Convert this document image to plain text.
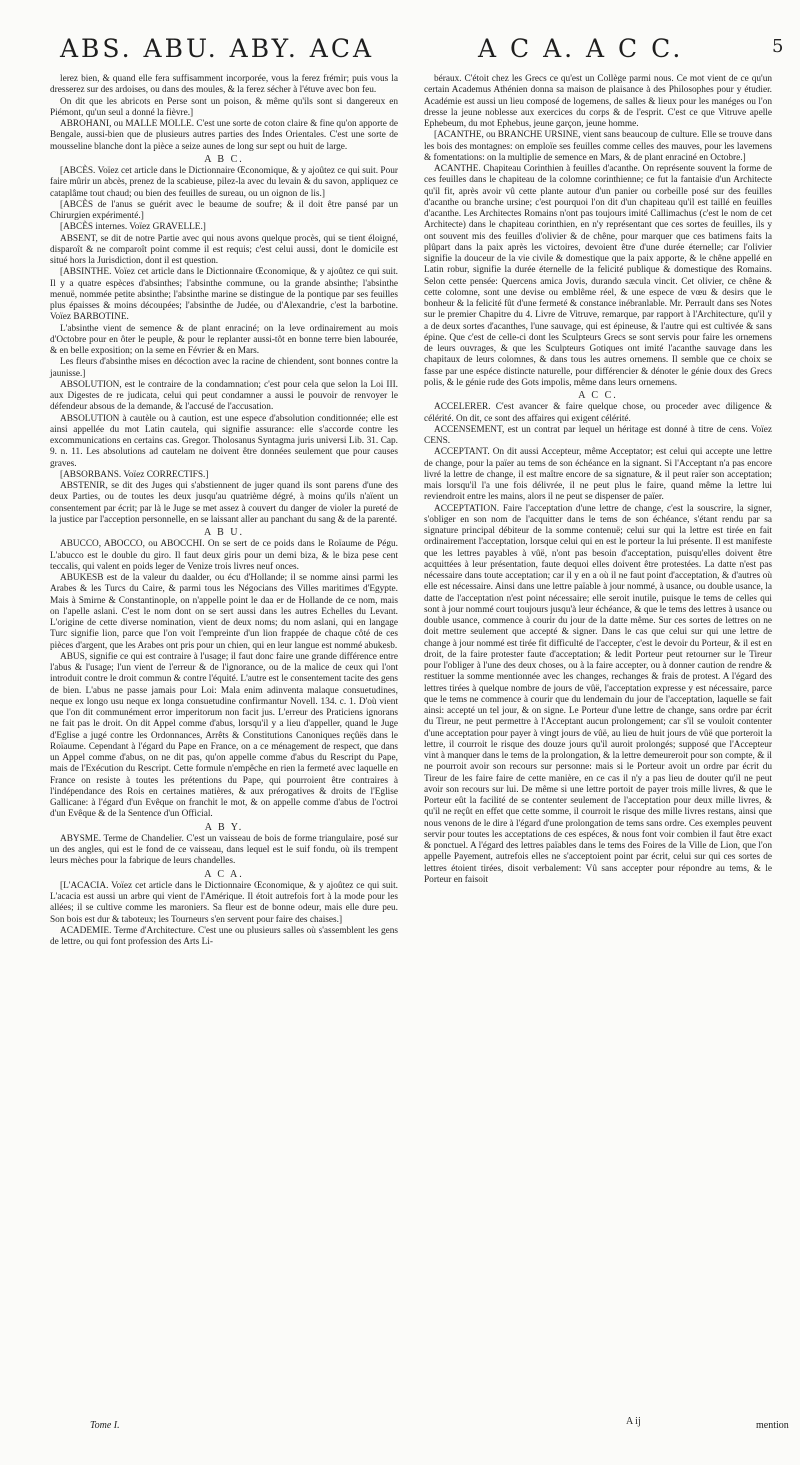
ABS. ABU. ABY. ACA	A C A. A C C.	5

lerez bien, & quand elle fera suffisamment incorporée, vous la ferez frémir; puis vous la dresserez sur des ardoises, ou dans des moules, & la ferez sécher à l'étuve avec bon feu.

On dit que les abricots en Perse sont un poison, & même qu'ils sont si dangereux en Piémont, qu'un seul a donné la fièvre.]

ABROHANI, ou MALLE MOLLE. C'est une sorte de coton claire & fine qu'on apporte de Bengale, aussi-bien que de plusieurs autres parties des Indes Orientales. C'est une sorte de mousseline blanche dont la pièce a seize aunes de long sur sept ou huit de large.

A B C.

[ABCÈS. Voïez cet article dans le Dictionnaire Œconomique, & y ajoûtez ce qui suit. Pour faire mûrir un abcès, prenez de la scabieuse, pilez-la avec du levain & du savon, appliquez ce cataplâme tout chaud; ou bien des feuilles de sureau, ou un oignon de lis.]

[ABCÈS de l'anus se guérit avec le beaume de soufre; & il doit être pansé par un Chirurgien expérimenté.]

[ABCÈS internes. Voïez GRAVELLE.]

ABSENT, se dit de notre Partie avec qui nous avons quelque procès, qui se tient éloigné, disparoît & ne comparoît point comme il est requis; c'est celui aussi, dont le domicile est situé hors la Jurisdiction, dont il est question.

[ABSINTHE. Voïez cet article dans le Dictionnaire Œconomique, & y ajoûtez ce qui suit. Il y a quatre espèces d'absinthes; l'absinthe commune, ou la grande absinthe; l'absinthe menuë, nommée petite absinthe; l'absinthe marine se distingue de la pontique par ses feuilles plus épaisses & moins découpées; l'absinthe de Judée, ou d'Alexandrie, c'est la barbotine. Voïez BARBOTINE.

L'absinthe vient de semence & de plant enraciné; on la leve ordinairement au mois d'Octobre pour en ôter le peuple, & pour le replanter aussi-tôt en bonne terre bien labourée, & en belle exposition; on la seme en Février & en Mars.

Les fleurs d'absinthe mises en décoction avec la racine de chiendent, sont bonnes contre la jaunisse.]

ABSOLUTION, est le contraire de la condamnation; c'est pour cela que selon la Loi III. aux Digestes de re judicata, celui qui peut condamner a aussi le pouvoir de renvoyer le défendeur absous de la demande, & l'accusé de l'accusation.

ABSOLUTION à cautèle ou à caution, est une espece d'absolution conditionnée; elle est ainsi appellée du mot Latin cautela, qui signifie assurance: elle s'accorde contre les excommunications en certains cas. Gregor. Tholosanus Syntagma juris universi Lib. 31. Cap. 9. n. 11. Les absolutions ad cautelam ne doivent être données seulement que pour causes graves.

[ABSORBANS. Voïez CORRECTIFS.]

ABSTENIR, se dit des Juges qui s'abstiennent de juger quand ils sont parens d'une des deux Parties, ou de toutes les deux jusqu'au quatrième dégré, à moins qu'ils n'aïent un consentement par écrit; par là le Juge se met assez à couvert du danger de violer la pureté de la justice par l'acception personnelle, en se laissant aller au panchant du sang & de la parenté.

A B U.

ABUCCO, ABOCCO, ou ABOCCHI. On se sert de ce poids dans le Roïaume de Pégu. L'abucco est le double du giro. Il faut deux giris pour un demi biza, & le biza pese cent teccalis, qui valent en poids leger de Venize trois livres neuf onces.

ABUKESB est de la valeur du daalder, ou écu d'Hollande; il se nomme ainsi parmi les Arabes & les Turcs du Caire, & parmi tous les Négocians des Villes maritimes d'Egypte. Mais à Smirne & Constantinople, on n'appelle point le daa er de Hollande de ce nom, mais on l'apelle aslani. C'est le nom dont on se sert aussi dans les autres Echelles du Levant. L'origine de cette diverse nomination, vient de deux noms; du nom aslani, qui en langage Turc signifie lion, parce que l'on voit l'empreinte d'un lion frappée de chaque côté de ces pièces d'argent, que les Arabes ont pris pour un chien, qui en leur langue est nommé abukesb.

ABUS, signifie ce qui est contraire à l'usage; il faut donc faire une grande différence entre l'abus & l'usage; l'un vient de l'erreur & de l'ignorance, ou de la malice de ceux qui l'ont introduit contre le droit commun & contre l'équité. L'autre est le consentement tacite des gens de bien. L'abus ne passe jamais pour Loi: Mala enim adinventa malaque consuetudines, neque ex longo usu neque ex longa consuetudine confirmantur Novell. 134. c. 1. D'où vient que l'on dit communément error imperitorum non facit jus. L'erreur des Praticiens ignorans ne fait pas le droit. On dit Appel comme d'abus, lorsqu'il y a lieu d'appeller, quand le Juge d'Eglise a jugé contre les Ordonnances, Arrêts & Constitutions Canoniques reçûës dans le Roïaume. Cependant à l'égard du Pape en France, on a ce ménagement de respect, que dans un Appel comme d'abus, on ne dit pas, qu'on appelle comme d'abus du Rescript du Pape, mais de l'Exécution du Rescript. Cette formule n'empêche en rien la fermeté avec laquelle en France on resiste à toutes les prétentions du Pape, qui pourroient être contraires à l'indépendance des Rois en certaines matières, & aux prérogatives & droits de l'Eglise Gallicane: à l'égard d'un Evêque on franchit le mot, & on appelle comme d'abus de l'octroi d'un Evêque & de la Sentence d'un Official.

A B Y.

ABYSME. Terme de Chandelier. C'est un vaisseau de bois de forme triangulaire, posé sur un des angles, qui est le fond de ce vaisseau, dans lequel est le suif fondu, où ils trempent leurs mèches pour la fabrique de leurs chandelles.

A C A.

[L'ACACIA. Voïez cet article dans le Dictionnaire Œconomique, & y ajoûtez ce qui suit. L'acacia est aussi un arbre qui vient de l'Amérique. Il étoit autrefois fort à la mode pour les allées; il se cultive comme les maroniers. Sa fleur est de bonne odeur, mais elle dure peu. Son bois est dur & taboteux; les Tourneurs s'en servent pour faire des chaises.]

ACADEMIE. Terme d'Architecture. C'est une ou plusieurs salles où s'assemblent les gens de lettre, ou qui font profession des Arts Li-

béraux. C'étoit chez les Grecs ce qu'est un Collège parmi nous. Ce mot vient de ce qu'un certain Academus Athénien donna sa maison de plaisance à des Philosophes pour y étudier. Académie est aussi un lieu composé de logemens, de salles & lieux pour les manéges ou l'on dresse la jeune noblesse aux exercices du corps & de l'esprit. C'est ce que Vitruve apelle Ephebeum, du mot Ephebus, jeune garçon, jeune homme.

[ACANTHE, ou BRANCHE URSINE, vient sans beaucoup de culture. Elle se trouve dans les bois des montagnes: on emploïe ses feuilles comme celles des mauves, pour les lavemens & fomentations: on la multiplie de semence en Mars, & de plant enraciné en Octobre.]

ACANTHE. Chapiteau Corinthien à feuilles d'acanthe. On représente souvent la forme de ces feuilles dans le chapiteau de la colomne corinthienne; ce fut la fantaisie d'un Architecte qu'il fit, après avoir vû cette plante autour d'un panier ou corbeille posé sur des feuilles d'acanthe ou branche ursine; c'est pourquoi l'on dit d'un chapiteau qu'il est taillé en feuilles d'acanthe. Les Architectes Romains n'ont pas toujours imité Callimachus (c'est le nom de cet Architecte) dans le chapiteau corinthien, en n'y représentant que ces sortes de feuilles, ils y ont souvent mis des feuilles d'olivier & de chêne, pour marquer que ces batimens faits la plûpart dans la paix après les victoires, devoient être d'une durée éternelle; car l'olivier signifie la douceur de la vie civile & domestique que la paix apporte, & le chêne appellé en Latin robur, signifie la durée éternelle de la felicité publique & domestique des Romains. Selon cette pensée: Quercens amica Jovis, durando sæcula vincit. Cet olivier, ce chêne & cette colomne, sont une devise ou emblême réel, & une espece de vœu & desirs que le bonheur & la felicité fût d'une fermeté & constance inébranlable. Mr. Perrault dans ses Notes sur le premier Chapitre du 4. Livre de Vitruve, remarque, par rapport à l'Architecture, qu'il y a de deux sortes d'acanthes, l'une sauvage, qui est épineuse, & l'autre qui est cultivée & sans épine. Que c'est de celle-ci dont les Sculpteurs Grecs se sont servis pour faire les ornemens de leurs ouvrages, & que les Sculpteurs Gotiques ont imité l'acanthe sauvage dans les chapitaux de leurs colomnes, & dans tous les autres ornemens. Il semble que ce choix se fasse par une espéce distincte naturelle, pour différencier & dénoter le génie doux des Grecs polis, & le génie rude des Gots impolis, même dans leurs ornemens.

A C C.

ACCELERER. C'est avancer & faire quelque chose, ou proceder avec diligence & célérité. On dit, ce sont des affaires qui exigent célérité.

ACCENSEMENT, est un contrat par lequel un héritage est donné à titre de cens. Voïez CENS.

ACCEPTANT. On dit aussi Accepteur, même Acceptator; est celui qui accepte une lettre de change, pour la païer au tems de son échéance en la signant. Si l'Acceptant n'a pas encore livré la lettre de change, il est maître encore de sa signature, & il peut raïer son acceptation; mais lorsqu'il l'a une fois délivrée, il ne peut plus le faire, quand même la lettre lui reviendroit entre les mains, alors il ne peut se dispenser de païer.

ACCEPTATION. Faire l'acceptation d'une lettre de change, c'est la souscrire, la signer, s'obliger en son nom de l'acquitter dans le tems de son échéance, s'étant rendu par sa signature principal débiteur de la somme contenuë; celui sur qui la lettre est tirée en fait ordinairement l'acceptation, lorsque celui qui en est le porteur la lui présente. Il est manifeste que les lettres payables à vûë, n'ont pas besoin d'acceptation, puisqu'elles doivent être acquittées à leur présentation, faute dequoi elles doivent être protestées. La datte n'est pas nécessaire dans toute acceptation; car il y en a où il ne faut point d'acceptation, & d'autres où elle est nécessaire. Ainsi dans une lettre païable à jour nommé, à usance, ou double usance, la datte de l'acceptation n'est point nécessaire; elle seroit inutile, puisque le tems de celles qui sont à jour nommé court toujours jusqu'à leur échéance, & que le tems des lettres à usance ou double usance, commence à courir du jour de la datte même. Sur ces sortes de lettres on ne doit mettre seulement que accepté & signer. Dans le cas que celui sur qui une lettre de change à jour nommé est tirée fit difficulté de l'accepter, c'est le devoir du Porteur, & il est en droit, de la faire protester faute d'acceptation; & ledit Porteur peut retourner sur le Tireur pour l'obliger à l'une des deux choses, ou à la faire accepter, ou à donner caution de rendre & restituer la somme mentionnée avec les changes, rechanges & frais de protest. A l'égard des lettres tirées à quelque nombre de jours de vûë, l'acceptation expresse y est nécessaire, parce que le tems ne commence à courir que du lendemain du jour de l'acceptation, laquelle se fait ainsi: accepté un tel jour, & on signe. Le Porteur d'une lettre de change, sans ordre par écrit du Tireur, ne peut permettre à l'Acceptant aucun prolongement; car s'il se vouloit contenter d'une acceptation pour payer à vingt jours de vûë, au lieu de huit jours de vûë que porteroit la lettre, il courroit le risque des douze jours qu'il auroit prolongés; supposé que l'Accepteur vint à manquer dans le tems de la prolongation, & la lettre demeureroit pour son compte, & il ne pourroit avoir son recours sur personne: mais si le Porteur avoit un ordre par écrit du Tireur de les faire faire de cette manière, en ce cas il n'y a pas lieu de douter qu'il ne peut avoir son recours sur lui. De même si une lettre portoit de payer trois mille livres, & que le Porteur eût la facilité de se contenter seulement de l'acceptation pour deux mille livres, & qu'il ne reçût en effet que cette somme, il courroit le risque des mille livres restans, ainsi que nous venons de le dire à l'égard d'une prolongation de tems sans ordre. Ces exemples peuvent servir pour toutes les acceptations de ces espéces, & nous font voir combien il faut être exact & ponctuel. A l'égard des lettres païables dans le tems des Foires de la Ville de Lion, que l'on appelle Payement, autrefois elles ne s'acceptoient point par écrit, celui sur qui ces sortes de lettres étoient tirées, disoit verbalement: Vû sans accepter pour répondre au tems, & le Porteur en faisoit

Tome I.	A ij	mention
